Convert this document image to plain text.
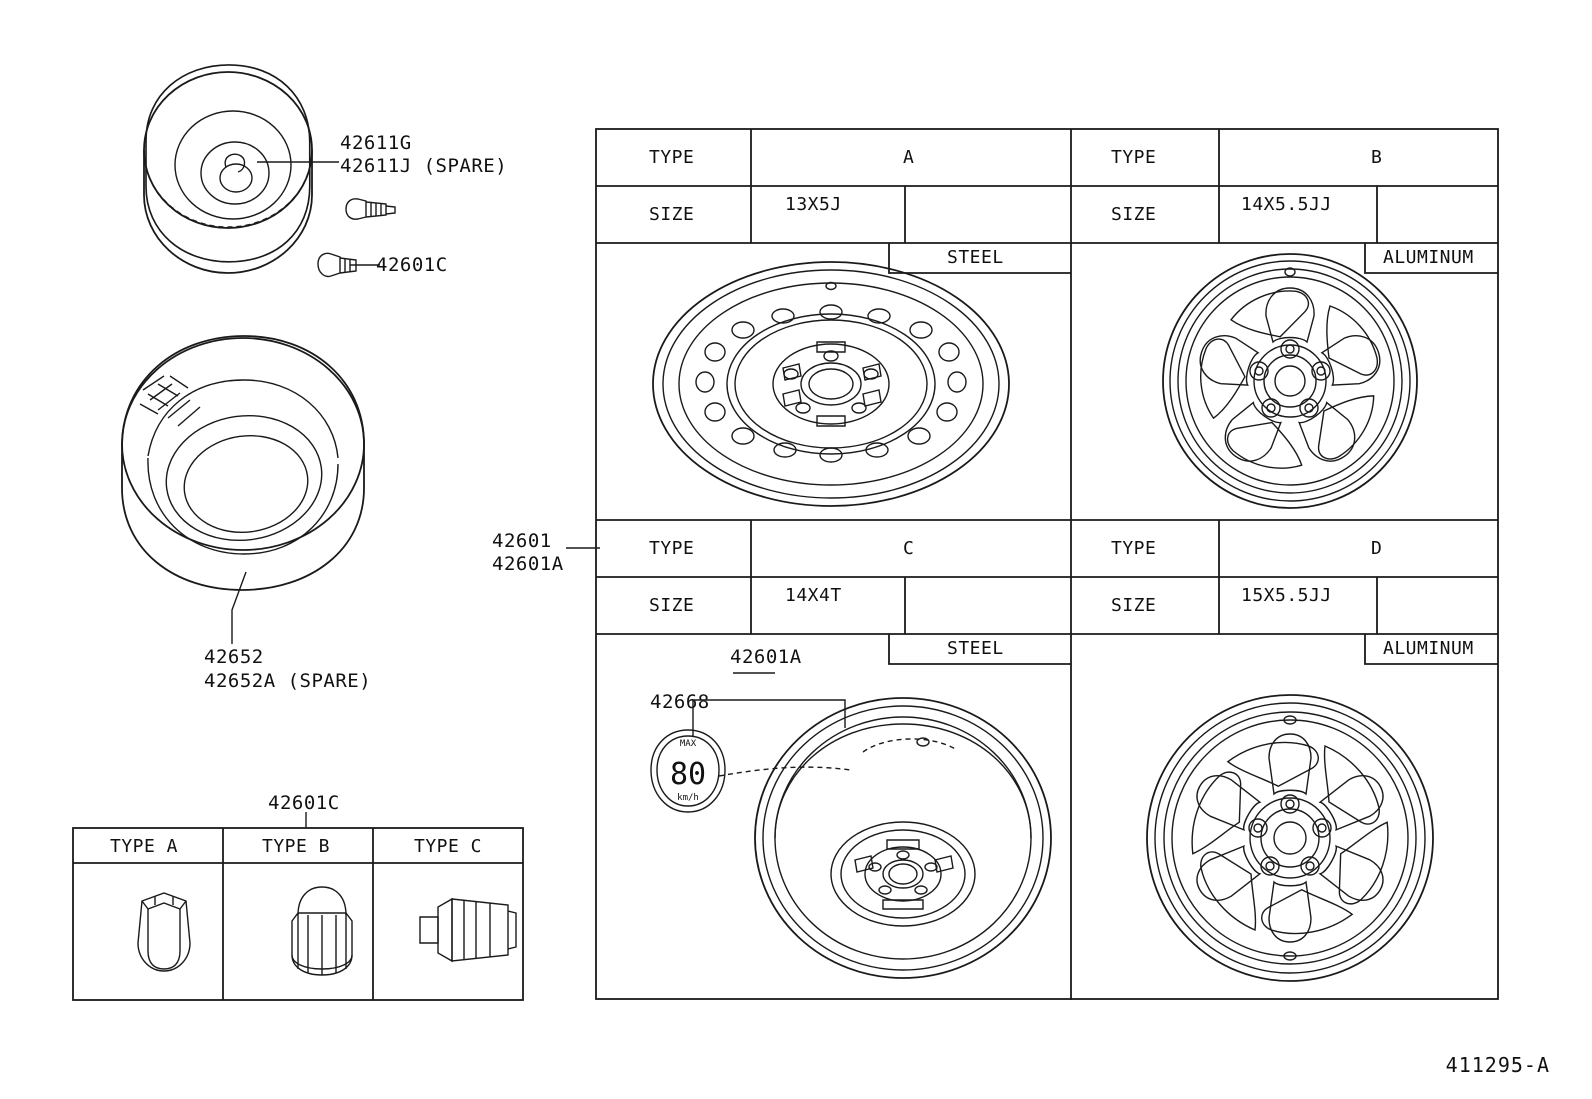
42611G
42611J (SPARE)
42601C
42652
42652A (SPARE)
42601C
TYPE A	TYPE B	TYPE C
42601
42601A
TYPE	A
SIZE	13X5J
STEEL
TYPE	B
SIZE	14X5.5JJ
ALUMINUM
TYPE	C
SIZE	14X4T
STEEL
TYPE	D
SIZE	15X5.5JJ
ALUMINUM
42601A
42668
MAX
80
km/h
411295-A
